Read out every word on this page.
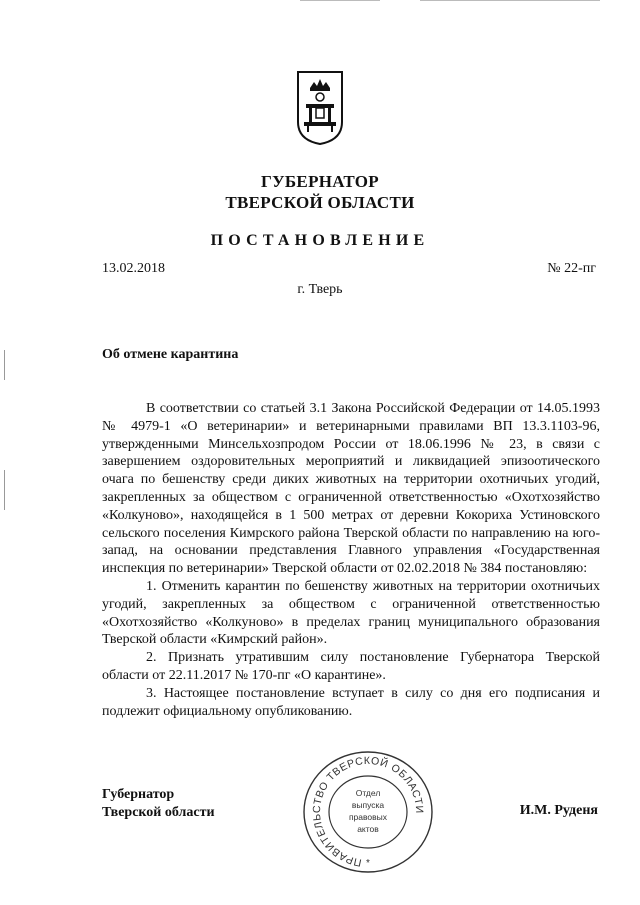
ГУБЕРНАТОР
ТВЕРСКОЙ ОБЛАСТИ
ПОСТАНОВЛЕНИЕ
13.02.2018	№ 22-пг
г. Тверь
Об отмене карантина

В соответствии со статьей 3.1 Закона Российской Федерации от 14.05.1993 № 4979-1 «О ветеринарии» и ветеринарными правилами ВП 13.3.1103-96, утвержденными Минсельхозпродом России от 18.06.1996 № 23, в связи с завершением оздоровительных мероприятий и ликвидацией эпизоотического очага по бешенству среди диких животных на территории охотничьих угодий, закрепленных за обществом с ограниченной ответственностью «Охотхозяйство «Колкуново», находящейся в 1 500 метрах от деревни Кокориха Устиновского сельского поселения Кимрского района Тверской области по направлению на юго-запад, на основании представления Главного управления «Государственная инспекция по ветеринарии» Тверской области от 02.02.2018 № 384 постановляю:

1. Отменить карантин по бешенству животных на территории охотничьих угодий, закрепленных за обществом с ограниченной ответственностью «Охотхозяйство «Колкуново» в пределах границ муниципального образования Тверской области «Кимрский район».

2. Признать утратившим силу постановление Губернатора Тверской области от 22.11.2017 № 170-пг «О карантине».

3. Настоящее постановление вступает в силу со дня его подписания и подлежит официальному опубликованию.

Губернатор
Тверской области	И.М. Руденя
ПРАВИТЕЛЬСТВО ТВЕРСКОЙ ОБЛАСТИ
Отдел
выпуска
правовых
актов
*
